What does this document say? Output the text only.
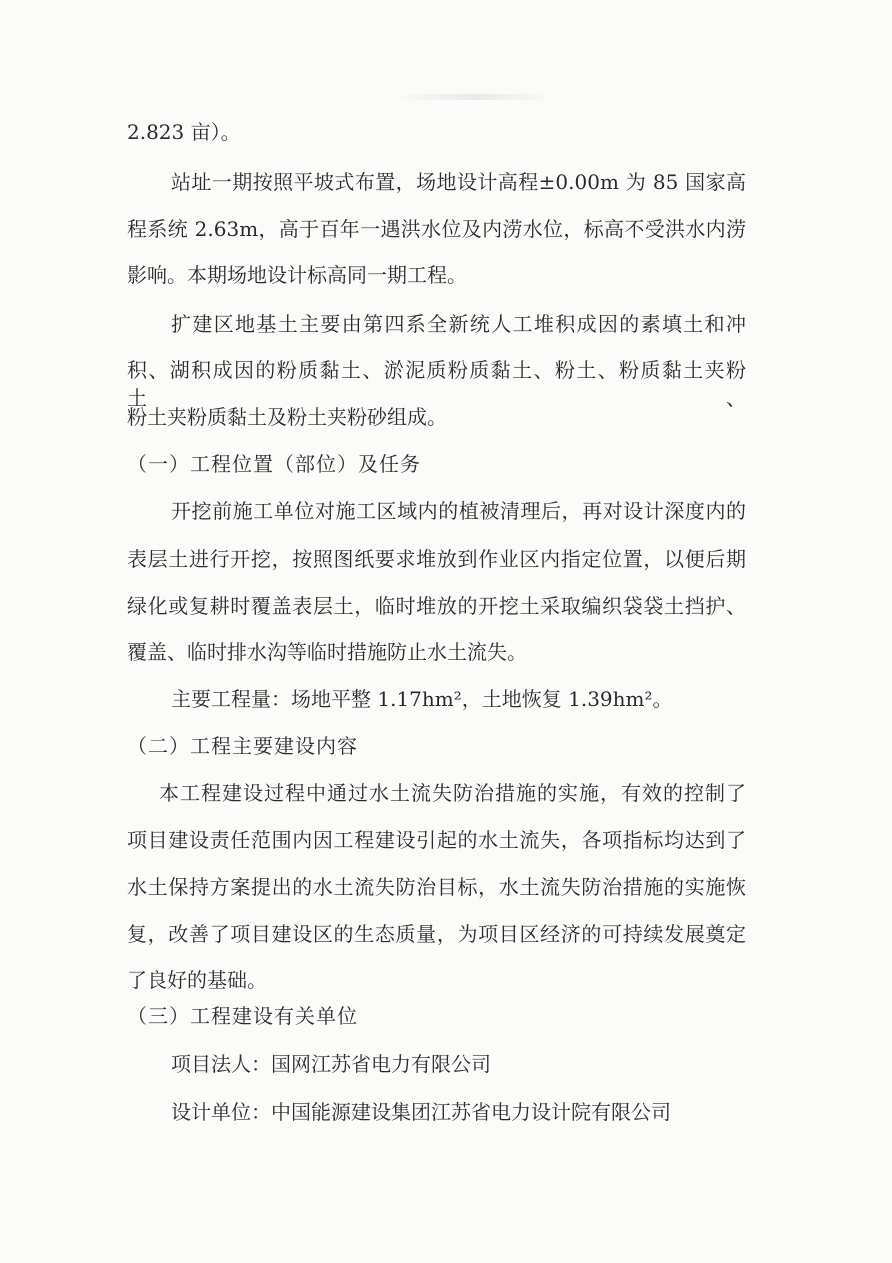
2.823 亩）。
站址一期按照平坡式布置，场地设计高程±0.00m 为 85 国家高
程系统 2.63m，高于百年一遇洪水位及内涝水位，标高不受洪水内涝
影响。本期场地设计标高同一期工程。
扩建区地基土主要由第四系全新统人工堆积成因的素填土和冲
积、湖积成因的粉质黏土、淤泥质粉质黏土、粉土、粉质黏土夹粉土、
粉土夹粉质黏土及粉土夹粉砂组成。
（一）工程位置（部位）及任务
开挖前施工单位对施工区域内的植被清理后，再对设计深度内的
表层土进行开挖，按照图纸要求堆放到作业区内指定位置，以便后期
绿化或复耕时覆盖表层土，临时堆放的开挖土采取编织袋袋土挡护、
覆盖、临时排水沟等临时措施防止水土流失。
主要工程量：场地平整 1.17hm²，土地恢复 1.39hm²。
（二）工程主要建设内容
本工程建设过程中通过水土流失防治措施的实施，有效的控制了
项目建设责任范围内因工程建设引起的水土流失，各项指标均达到了
水土保持方案提出的水土流失防治目标，水土流失防治措施的实施恢
复，改善了项目建设区的生态质量，为项目区经济的可持续发展奠定
了良好的基础。
（三）工程建设有关单位
项目法人：国网江苏省电力有限公司
设计单位：中国能源建设集团江苏省电力设计院有限公司
